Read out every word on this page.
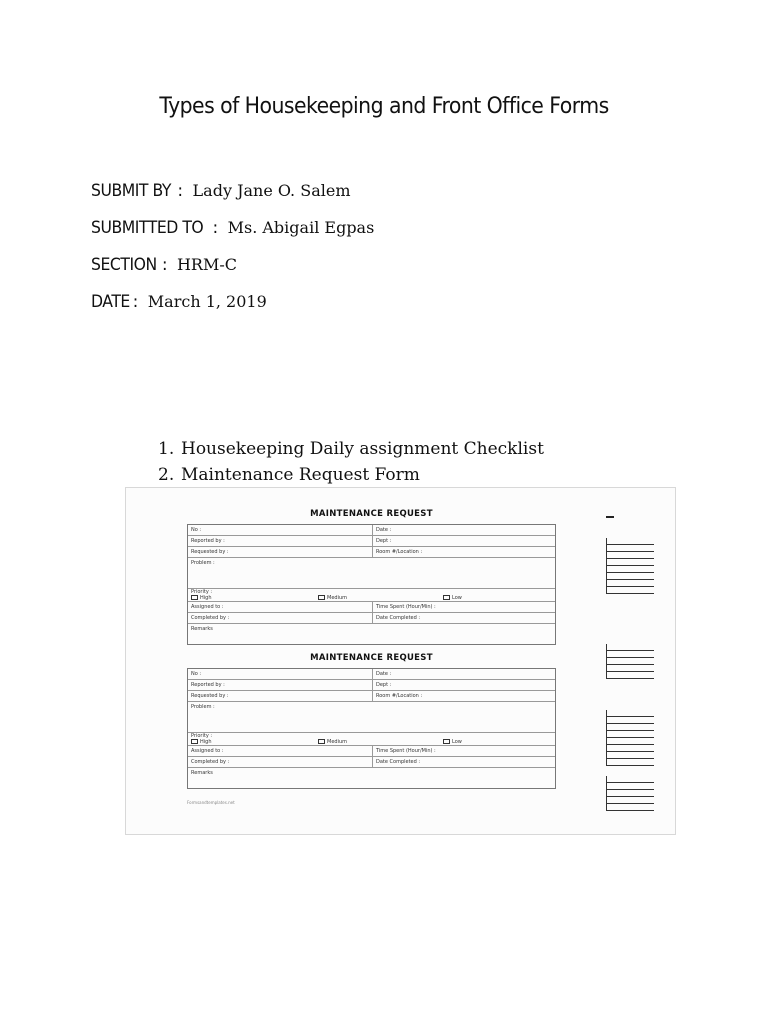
Types of Housekeeping and Front Office Forms
SUBMIT BY : Lady Jane O. Salem
SUBMITTED TO : Ms. Abigail Egpas
SECTION : HRM-C
DATE : March 1, 2019
1. Housekeeping Daily assignment Checklist
2. Maintenance Request Form
MAINTENANCE REQUEST
No :	Date :
Reported by :	Dept :
Requested by :	Room #/Location :
Problem :
Priority :
High	Medium	Low
Assigned to :	Time Spent (Hour/Min) :
Completed by :	Date Completed :
Remarks
MAINTENANCE REQUEST
No :	Date :
Reported by :	Dept :
Requested by :	Room #/Location :
Problem :
Priority :
High	Medium	Low
Assigned to :	Time Spent (Hour/Min) :
Completed by :	Date Completed :
Remarks
Formsandtemplates.net
